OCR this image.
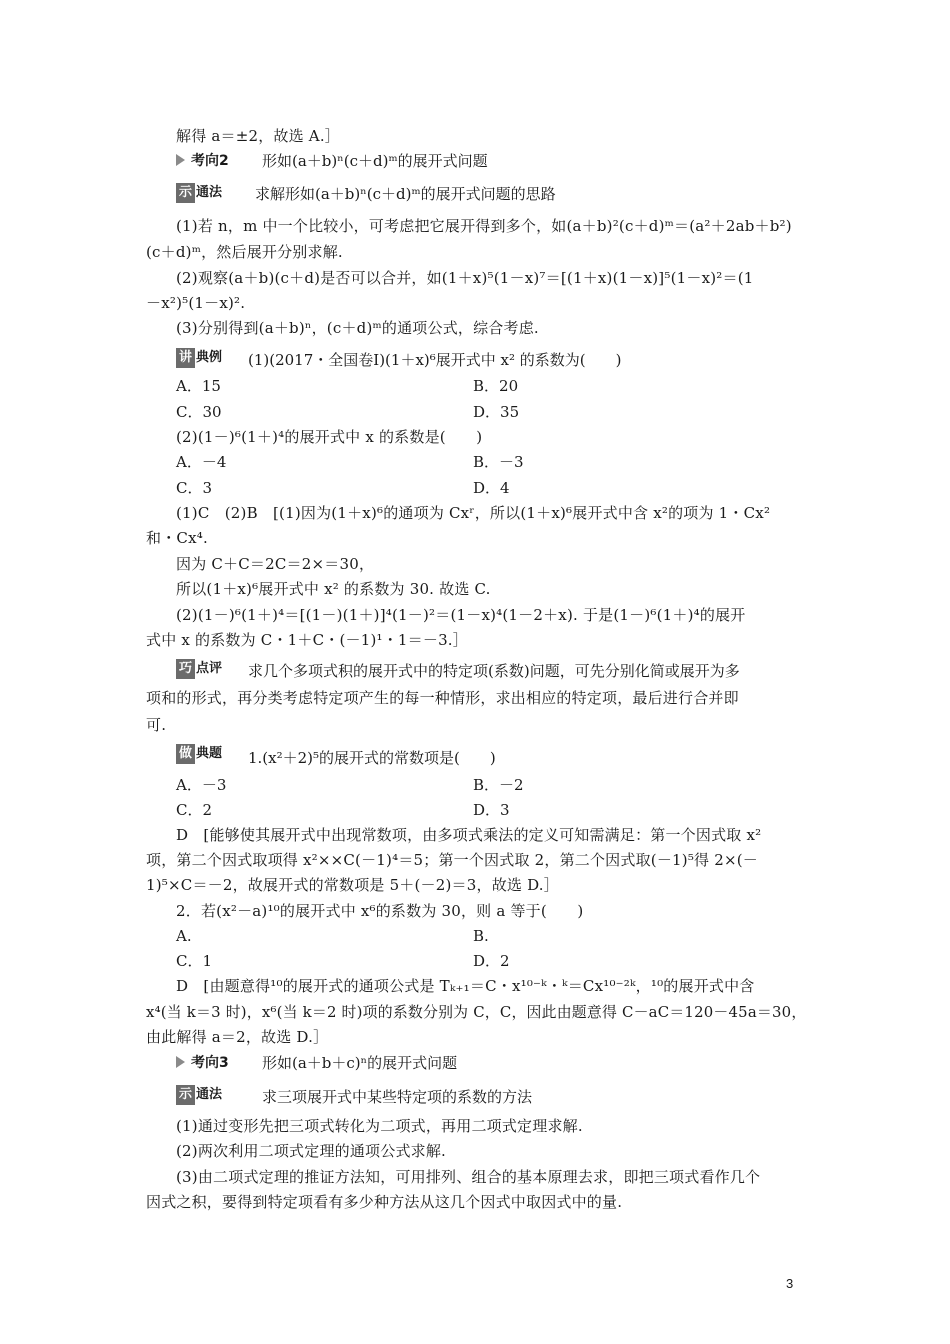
解得 a＝±2，故选 A.］
考向2 形如(a＋b)ⁿ(c＋d)ᵐ的展开式问题
示 通法 求解形如(a＋b)ⁿ(c＋d)ᵐ的展开式问题的思路
(1)若 n，m 中一个比较小，可考虑把它展开得到多个，如(a＋b)²(c＋d)ᵐ＝(a²＋2ab＋b²)
(c＋d)ᵐ，然后展开分别求解.
(2)观察(a＋b)(c＋d)是否可以合并，如(1＋x)⁵(1－x)⁷＝[(1＋x)(1－x)]⁵(1－x)²＝(1
－x²)⁵(1－x)².
(3)分别得到(a＋b)ⁿ，(c＋d)ᵐ的通项公式，综合考虑.
讲 典例 (1)(2017・全国卷Ⅰ)(1＋x)⁶展开式中 x² 的系数为(　　)
A．15	B．20
C．30	D．35
(2)(1－)⁶(1＋)⁴的展开式中 x 的系数是(　　)
A．－4	B．－3
C．3	D．4
(1)C　(2)B　[(1)因为(1＋x)⁶的通项为 Cxʳ，所以(1＋x)⁶展开式中含 x²的项为 1・Cx²
和・Cx⁴.
因为 C＋C＝2C＝2×＝30，
所以(1＋x)⁶展开式中 x² 的系数为 30. 故选 C.
(2)(1－)⁶(1＋)⁴＝[(1－)(1＋)]⁴(1－)²＝(1－x)⁴(1－2＋x). 于是(1－)⁶(1＋)⁴的展开
式中 x 的系数为 C・1＋C・(－1)¹・1＝－3.］
巧 点评 求几个多项式积的展开式中的特定项(系数)问题，可先分别化简或展开为多
项和的形式，再分类考虑特定项产生的每一种情形，求出相应的特定项，最后进行合并即
可.
做 典题 1.(x²＋2)⁵的展开式的常数项是(　　)
A．－3	B．－2
C．2	D．3
D　[能够使其展开式中出现常数项，由多项式乘法的定义可知需满足：第一个因式取 x²
项，第二个因式取项得 x²××C(－1)⁴＝5；第一个因式取 2，第二个因式取(－1)⁵得 2×(－
1)⁵×C＝－2，故展开式的常数项是 5＋(－2)＝3，故选 D.］
2．若(x²－a)¹⁰的展开式中 x⁶的系数为 30，则 a 等于(　　)
A.	B.
C．1	D．2
D　[由题意得¹⁰的展开式的通项公式是 Tₖ₊₁＝C・x¹⁰⁻ᵏ・ᵏ＝Cx¹⁰⁻²ᵏ，¹⁰的展开式中含
x⁴(当 k＝3 时)，x⁶(当 k＝2 时)项的系数分别为 C，C，因此由题意得 C－aC＝120－45a＝30，
由此解得 a＝2，故选 D.］
考向3 形如(a＋b＋c)ⁿ的展开式问题
示 通法	求三项展开式中某些特定项的系数的方法
(1)通过变形先把三项式转化为二项式，再用二项式定理求解.
(2)两次利用二项式定理的通项公式求解.
(3)由二项式定理的推证方法知，可用排列、组合的基本原理去求，即把三项式看作几个
因式之积，要得到特定项看有多少种方法从这几个因式中取因式中的量.
3
